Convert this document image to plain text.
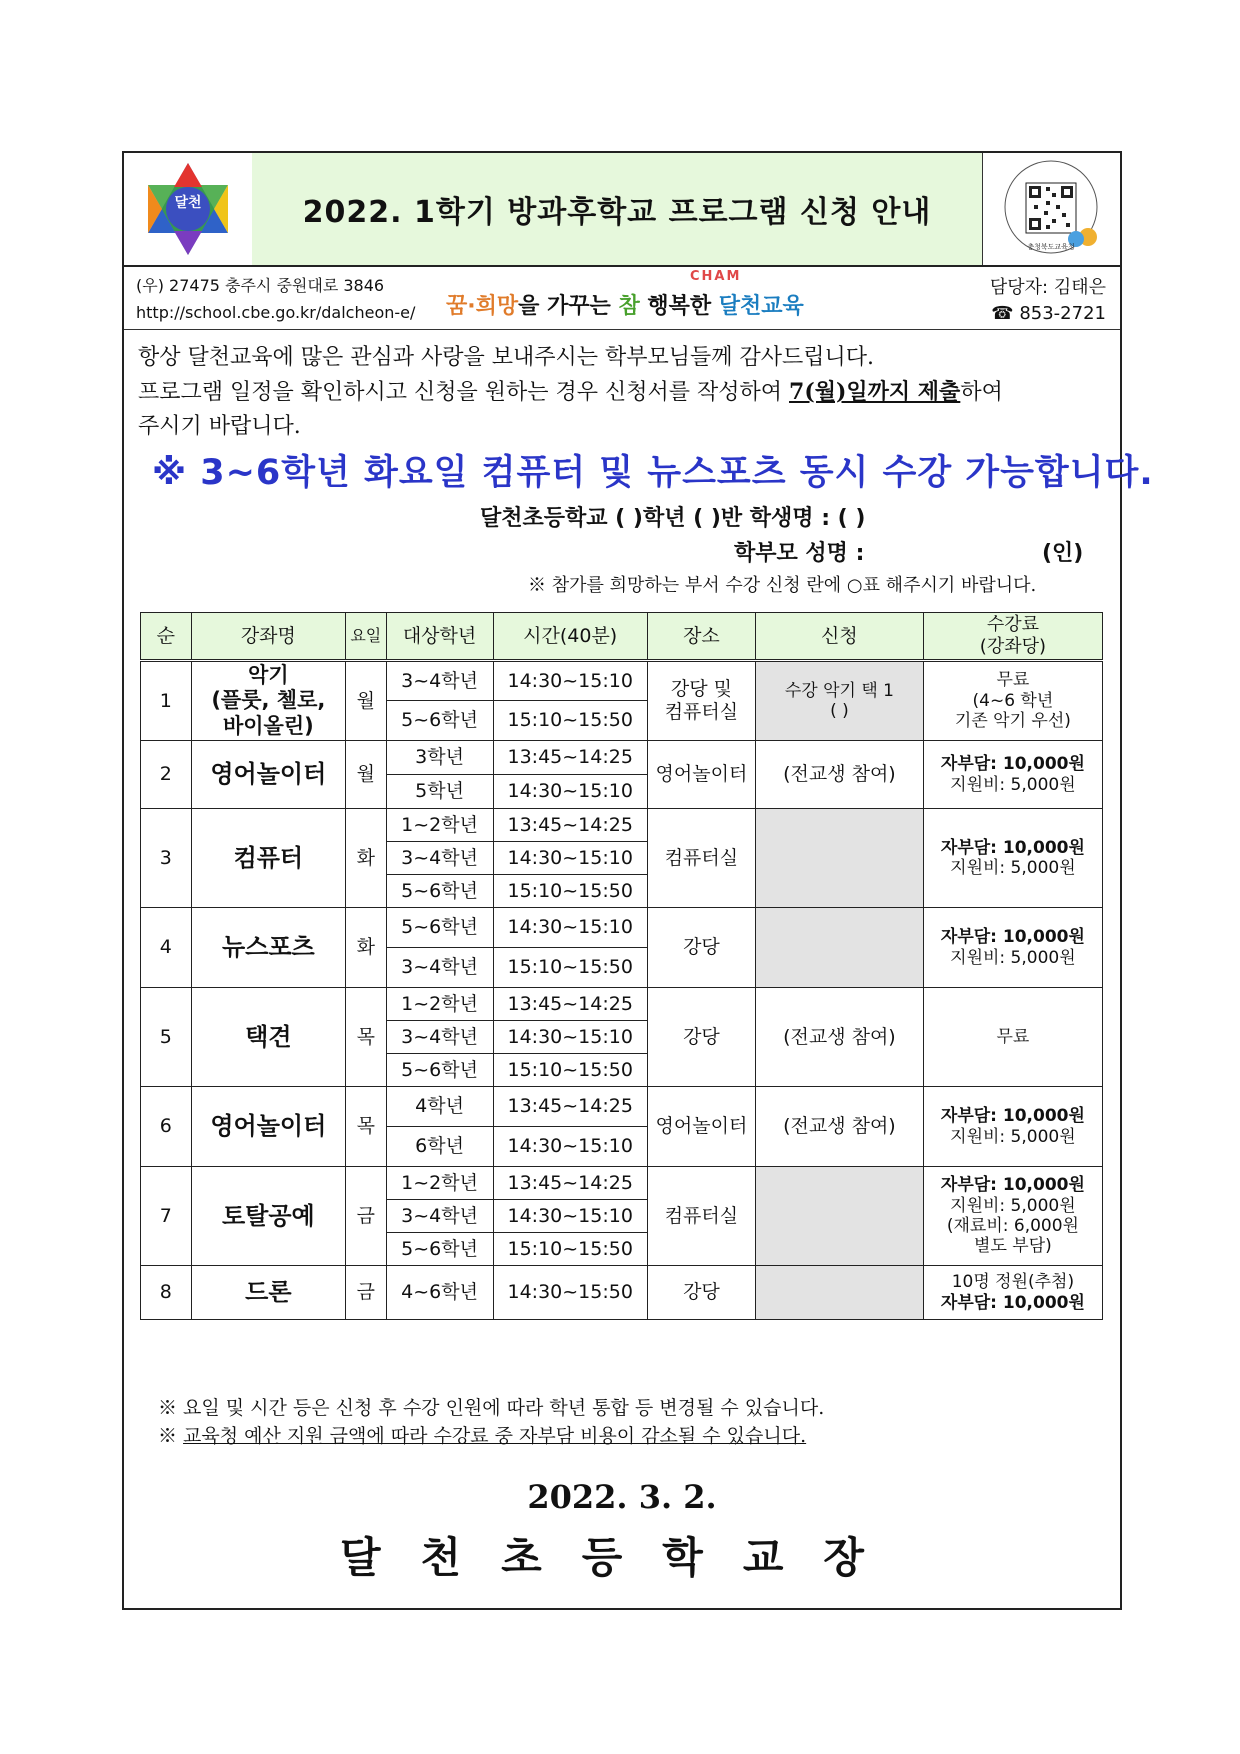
달천	2022. 1학기 방과후학교 프로그램 신청 안내
충청북도교육청
(우) 27475 충주시 중원대로 3846
http://school.cbe.go.kr/dalcheon-e/
CHAM
꿈·희망을 가꾸는 참 행복한 달천교육
담당자: 김태은
☎ 853-2721

항상 달천교육에 많은 관심과 사랑을 보내주시는 학부모님들께 감사드립니다.

프로그램 일정을 확인하시고 신청을 원하는 경우 신청서를 작성하여 7(월)일까지 제출하여

주시기 바랍니다.

※ 3~6학년 화요일 컴퓨터 및 뉴스포츠 동시 수강 가능합니다.
달천초등학교 ( )학년 ( )반 학생명 : ( )
학부모 성명 :	(인)
※ 참가를 희망하는 부서 수강 신청 란에 ○표 해주시기 바랍니다.
순	강좌명	요일	대상학년	시간(40분)	장소	신청	수강료
(강좌당)
1	악기
(플룻, 첼로,
바이올린)	월	3~4학년	14:30~15:10	강당 및
컴퓨터실	수강 악기 택 1
( )	무료
(4~6 학년
기존 악기 우선)
			5~6학년	15:10~15:50			
2	영어놀이터	월	3학년	13:45~14:25	영어놀이터	(전교생 참여)	자부담: 10,000원
지원비: 5,000원
			5학년	14:30~15:10			
3	컴퓨터	화	1~2학년	13:45~14:25	컴퓨터실		자부담: 10,000원
지원비: 5,000원
			3~4학년	14:30~15:10			
			5~6학년	15:10~15:50			
4	뉴스포츠	화	5~6학년	14:30~15:10	강당		자부담: 10,000원
지원비: 5,000원
			3~4학년	15:10~15:50			
5	택견	목	1~2학년	13:45~14:25	강당	(전교생 참여)	무료
			3~4학년	14:30~15:10			
			5~6학년	15:10~15:50			
6	영어놀이터	목	4학년	13:45~14:25	영어놀이터	(전교생 참여)	자부담: 10,000원
지원비: 5,000원
			6학년	14:30~15:10			
7	토탈공예	금	1~2학년	13:45~14:25	컴퓨터실		자부담: 10,000원
지원비: 5,000원
(재료비: 6,000원
별도 부담)
			3~4학년	14:30~15:10			
			5~6학년	15:10~15:50			
8	드론	금	4~6학년	14:30~15:50	강당		10명 정원(추첨)
자부담: 10,000원
※ 요일 및 시간 등은 신청 후 수강 인원에 따라 학년 통합 등 변경될 수 있습니다.
※ 교육청 예산 지원 금액에 따라 수강료 중 자부담 비용이 감소될 수 있습니다.
2022. 3. 2.
달천초등학교장
